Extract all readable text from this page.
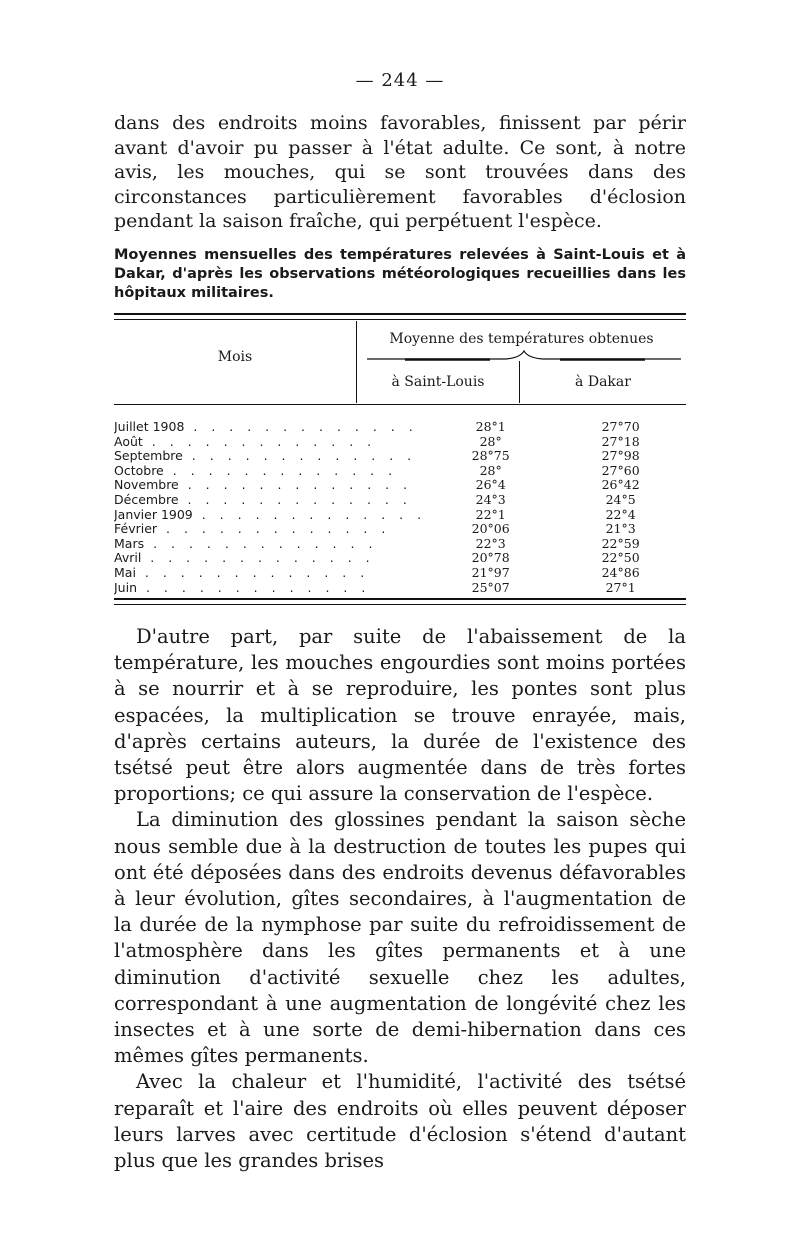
— 244 —

dans des endroits moins favorables, finissent par périr avant d'avoir pu passer à l'état adulte. Ce sont, à notre avis, les mouches, qui se sont trouvées dans des circonstances particulièrement favorables d'éclosion pendant la saison fraîche, qui perpétuent l'espèce.

Moyennes mensuelles des températures relevées à Saint-Louis et à Dakar, d'après les observations météorologiques recueillies dans les hôpitaux militaires.

Mois
Moyenne des températures obtenues
à Saint-Louis	à Dakar
Juillet 1908 . . . . . . . . . . . . .	28°1	27°70
Août . . . . . . . . . . . . .	28°	27°18
Septembre . . . . . . . . . . . . .	28°75	27°98
Octobre . . . . . . . . . . . . .	28°	27°60
Novembre . . . . . . . . . . . . .	26°4	26°42
Décembre . . . . . . . . . . . . .	24°3	24°5
Janvier 1909 . . . . . . . . . . . . .	22°1	22°4
Février . . . . . . . . . . . . .	20°06	21°3
Mars . . . . . . . . . . . . .	22°3	22°59
Avril . . . . . . . . . . . . .	20°78	22°50
Mai . . . . . . . . . . . . .	21°97	24°86
Juin . . . . . . . . . . . . .	25°07	27°1

D'autre part, par suite de l'abaissement de la température, les mouches engourdies sont moins portées à se nourrir et à se reproduire, les pontes sont plus espacées, la multiplication se trouve enrayée, mais, d'après certains auteurs, la durée de l'existence des tsétsé peut être alors augmentée dans de très fortes proportions; ce qui assure la conservation de l'espèce.

La diminution des glossines pendant la saison sèche nous semble due à la destruction de toutes les pupes qui ont été déposées dans des endroits devenus défavorables à leur évolution, gîtes secondaires, à l'augmentation de la durée de la nymphose par suite du refroidissement de l'atmosphère dans les gîtes permanents et à une diminution d'activité sexuelle chez les adultes, correspondant à une augmentation de longévité chez les insectes et à une sorte de demi-hibernation dans ces mêmes gîtes permanents.

Avec la chaleur et l'humidité, l'activité des tsétsé reparaît et l'aire des endroits où elles peuvent déposer leurs larves avec certitude d'éclosion s'étend d'autant plus que les grandes brises
